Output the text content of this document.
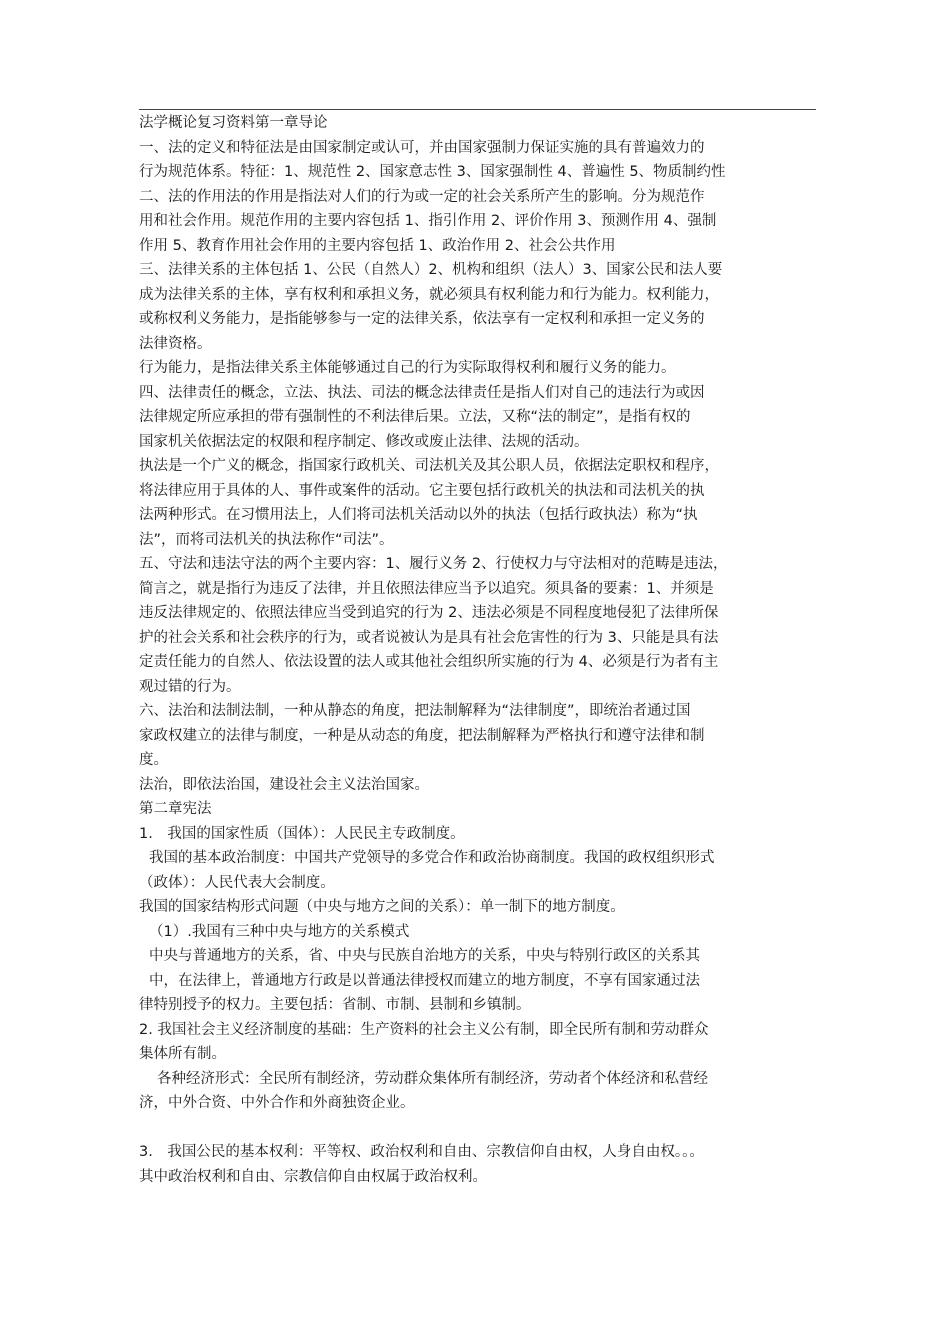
法学概论复习资料第一章导论
一、法的定义和特征法是由国家制定或认可，并由国家强制力保证实施的具有普遍效力的
行为规范体系。特征：1、规范性 2、国家意志性 3、国家强制性 4、普遍性 5、物质制约性
二、法的作用法的作用是指法对人们的行为或一定的社会关系所产生的影响。分为规范作
用和社会作用。规范作用的主要内容包括 1、指引作用 2、评价作用 3、预测作用 4、强制
作用 5、教育作用社会作用的主要内容包括 1、政治作用 2、社会公共作用
三、法律关系的主体包括 1、公民（自然人）2、机构和组织（法人）3、国家公民和法人要
成为法律关系的主体，享有权利和承担义务，就必须具有权利能力和行为能力。权利能力，
或称权利义务能力，是指能够参与一定的法律关系，依法享有一定权利和承担一定义务的
法律资格。
行为能力，是指法律关系主体能够通过自己的行为实际取得权利和履行义务的能力。
四、法律责任的概念，立法、执法、司法的概念法律责任是指人们对自己的违法行为或因
法律规定所应承担的带有强制性的不利法律后果。立法，又称“法的制定”，是指有权的
国家机关依据法定的权限和程序制定、修改或废止法律、法规的活动。
执法是一个广义的概念，指国家行政机关、司法机关及其公职人员，依据法定职权和程序，
将法律应用于具体的人、事件或案件的活动。它主要包括行政机关的执法和司法机关的执
法两种形式。在习惯用法上，人们将司法机关活动以外的执法（包括行政执法）称为“执
法”，而将司法机关的执法称作“司法”。
五、守法和违法守法的两个主要内容：1、履行义务 2、行使权力与守法相对的范畴是违法，
简言之，就是指行为违反了法律，并且依照法律应当予以追究。须具备的要素：1、并须是
违反法律规定的、依照法律应当受到追究的行为 2、违法必须是不同程度地侵犯了法律所保
护的社会关系和社会秩序的行为，或者说被认为是具有社会危害性的行为 3、只能是具有法
定责任能力的自然人、依法设置的法人或其他社会组织所实施的行为 4、必须是行为者有主
观过错的行为。
六、法治和法制法制，一种从静态的角度，把法制解释为“法律制度”，即统治者通过国
家政权建立的法律与制度，一种是从动态的角度，把法制解释为严格执行和遵守法律和制
度。
法治，即依法治国，建设社会主义法治国家。
第二章宪法
1.　我国的国家性质（国体）：人民民主专政制度。
我国的基本政治制度：中国共产党领导的多党合作和政治协商制度。我国的政权组织形式
（政体）：人民代表大会制度。
我国的国家结构形式问题（中央与地方之间的关系）：单一制下的地方制度。
（1）.我国有三种中央与地方的关系模式
中央与普通地方的关系，省、中央与民族自治地方的关系，中央与特别行政区的关系其
中，在法律上，普通地方行政是以普通法律授权而建立的地方制度，不享有国家通过法
律特别授予的权力。主要包括：省制、市制、县制和乡镇制。
2. 我国社会主义经济制度的基础：生产资料的社会主义公有制，即全民所有制和劳动群众
集体所有制。
各种经济形式：全民所有制经济，劳动群众集体所有制经济，劳动者个体经济和私营经
济，中外合资、中外合作和外商独资企业。
3.　我国公民的基本权利：平等权、政治权利和自由、宗教信仰自由权，人身自由权。。。
其中政治权利和自由、宗教信仰自由权属于政治权利。
